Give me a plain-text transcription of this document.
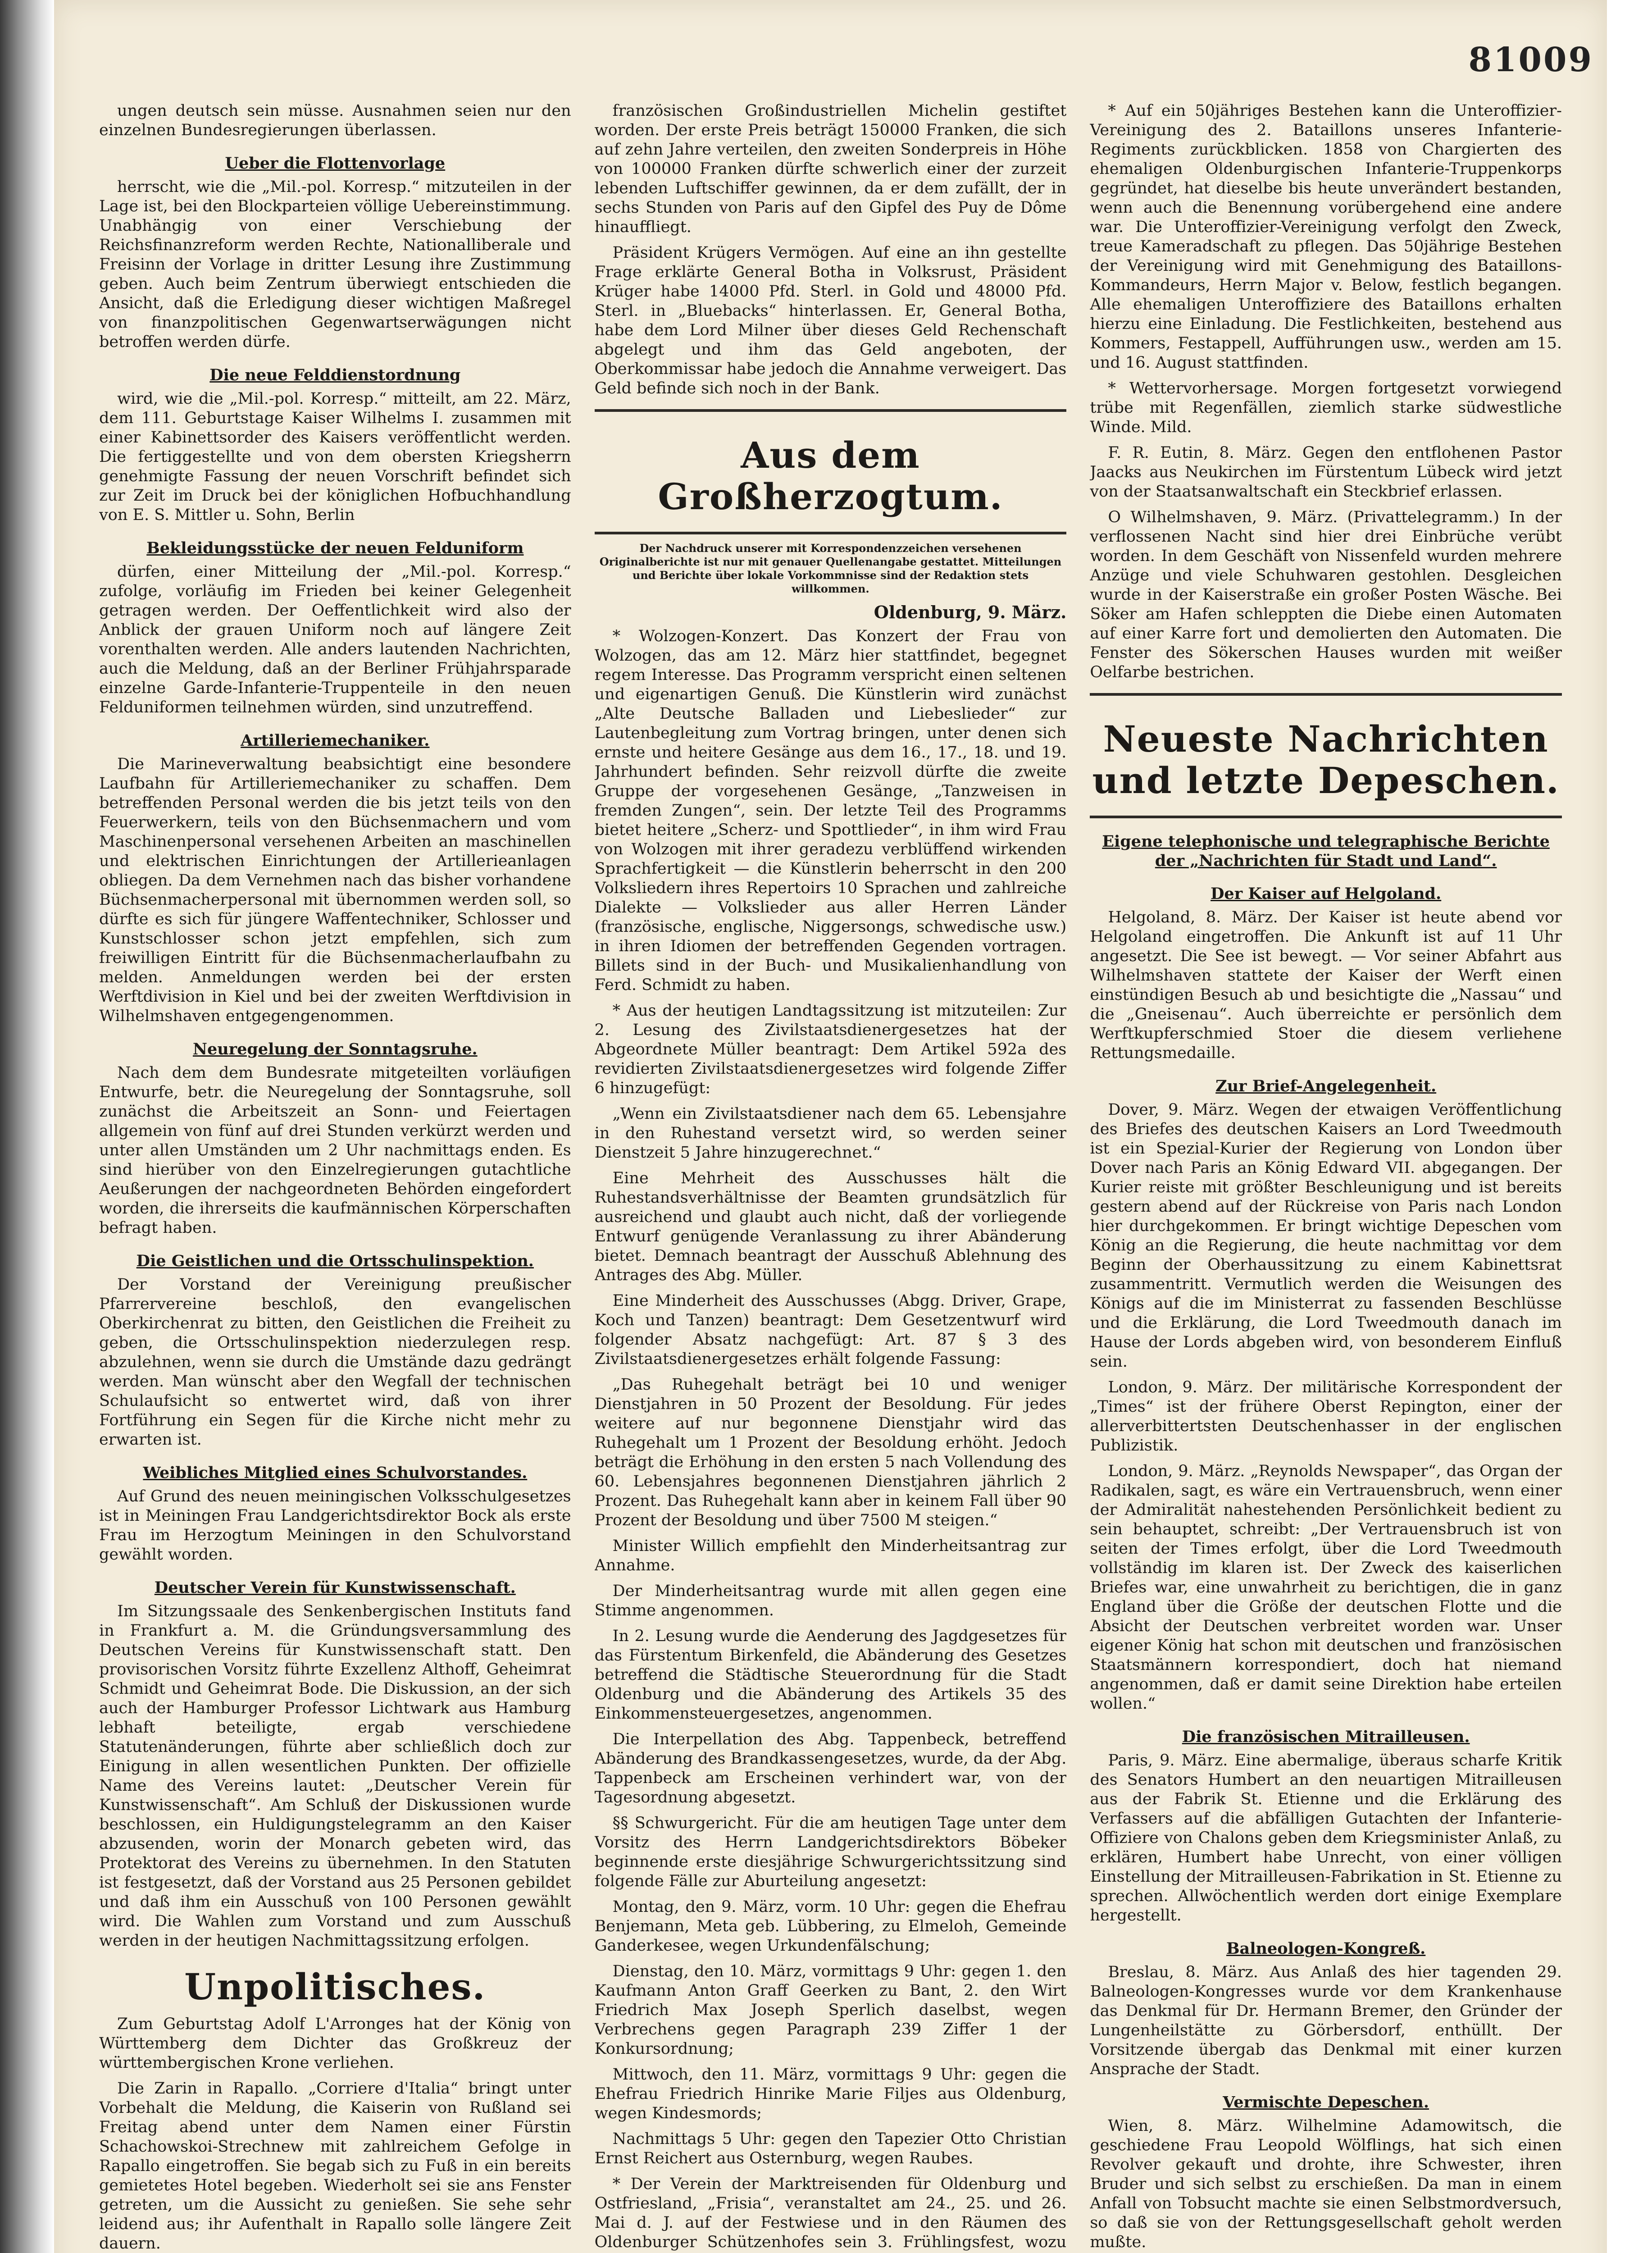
81009

ungen deutsch sein müsse. Ausnahmen seien nur den einzelnen Bundesregierungen überlassen.

Ueber die Flottenvorlage

herrscht, wie die „Mil.-pol. Korresp.“ mitzuteilen in der Lage ist, bei den Blockparteien völlige Uebereinstimmung. Unabhängig von einer Verschiebung der Reichsfinanzreform werden Rechte, Nationalliberale und Freisinn der Vorlage in dritter Lesung ihre Zustimmung geben. Auch beim Zentrum überwiegt entschieden die Ansicht, daß die Erledigung dieser wichtigen Maßregel von finanzpolitischen Gegenwartserwägungen nicht betroffen werden dürfe.

Die neue Felddienstordnung

wird, wie die „Mil.-pol. Korresp.“ mitteilt, am 22. März, dem 111. Geburtstage Kaiser Wilhelms I. zusammen mit einer Kabinettsorder des Kaisers veröffentlicht werden. Die fertiggestellte und von dem obersten Kriegsherrn genehmigte Fassung der neuen Vorschrift befindet sich zur Zeit im Druck bei der königlichen Hofbuchhandlung von E. S. Mittler u. Sohn, Berlin

Bekleidungsstücke der neuen Felduniform

dürfen, einer Mitteilung der „Mil.-pol. Korresp.“ zufolge, vorläufig im Frieden bei keiner Gelegenheit getragen werden. Der Oeffentlichkeit wird also der Anblick der grauen Uniform noch auf längere Zeit vorenthalten werden. Alle anders lautenden Nachrichten, auch die Meldung, daß an der Berliner Frühjahrsparade einzelne Garde-Infanterie-Truppenteile in den neuen Felduniformen teilnehmen würden, sind unzutreffend.

Artilleriemechaniker.

Die Marineverwaltung beabsichtigt eine besondere Laufbahn für Artilleriemechaniker zu schaffen. Dem betreffenden Personal werden die bis jetzt teils von den Feuerwerkern, teils von den Büchsenmachern und vom Maschinenpersonal versehenen Arbeiten an maschinellen und elektrischen Einrichtungen der Artillerieanlagen obliegen. Da dem Vernehmen nach das bisher vorhandene Büchsenmacherpersonal mit übernommen werden soll, so dürfte es sich für jüngere Waffentechniker, Schlosser und Kunstschlosser schon jetzt empfehlen, sich zum freiwilligen Eintritt für die Büchsenmacherlaufbahn zu melden. Anmeldungen werden bei der ersten Werftdivision in Kiel und bei der zweiten Werftdivision in Wilhelmshaven entgegengenommen.

Neuregelung der Sonntagsruhe.

Nach dem dem Bundesrate mitgeteilten vorläufigen Entwurfe, betr. die Neuregelung der Sonntagsruhe, soll zunächst die Arbeitszeit an Sonn- und Feiertagen allgemein von fünf auf drei Stunden verkürzt werden und unter allen Umständen um 2 Uhr nachmittags enden. Es sind hierüber von den Einzelregierungen gutachtliche Aeußerungen der nachgeordneten Behörden eingefordert worden, die ihrerseits die kaufmännischen Körperschaften befragt haben.

Die Geistlichen und die Ortsschulinspektion.

Der Vorstand der Vereinigung preußischer Pfarrervereine beschloß, den evangelischen Oberkirchenrat zu bitten, den Geistlichen die Freiheit zu geben, die Ortsschulinspektion niederzulegen resp. abzulehnen, wenn sie durch die Umstände dazu gedrängt werden. Man wünscht aber den Wegfall der technischen Schulaufsicht so entwertet wird, daß von ihrer Fortführung ein Segen für die Kirche nicht mehr zu erwarten ist.

Weibliches Mitglied eines Schulvorstandes.

Auf Grund des neuen meiningischen Volksschulgesetzes ist in Meiningen Frau Landgerichtsdirektor Bock als erste Frau im Herzogtum Meiningen in den Schulvorstand gewählt worden.

Deutscher Verein für Kunstwissenschaft.

Im Sitzungssaale des Senkenbergischen Instituts fand in Frankfurt a. M. die Gründungsversammlung des Deutschen Vereins für Kunstwissenschaft statt. Den provisorischen Vorsitz führte Exzellenz Althoff, Geheimrat Schmidt und Geheimrat Bode. Die Diskussion, an der sich auch der Hamburger Professor Lichtwark aus Hamburg lebhaft beteiligte, ergab verschiedene Statutenänderungen, führte aber schließlich doch zur Einigung in allen wesentlichen Punkten. Der offizielle Name des Vereins lautet: „Deutscher Verein für Kunstwissenschaft“. Am Schluß der Diskussionen wurde beschlossen, ein Huldigungstelegramm an den Kaiser abzusenden, worin der Monarch gebeten wird, das Protektorat des Vereins zu übernehmen. In den Statuten ist festgesetzt, daß der Vorstand aus 25 Personen gebildet und daß ihm ein Ausschuß von 100 Personen gewählt wird. Die Wahlen zum Vorstand und zum Ausschuß werden in der heutigen Nachmittagssitzung erfolgen.

Unpolitisches.

Zum Geburtstag Adolf L'Arronges hat der König von Württemberg dem Dichter das Großkreuz der württembergischen Krone verliehen.

Die Zarin in Rapallo. „Corriere d'Italia“ bringt unter Vorbehalt die Meldung, die Kaiserin von Rußland sei Freitag abend unter dem Namen einer Fürstin Schachowskoi-Strechnew mit zahlreichem Gefolge in Rapallo eingetroffen. Sie begab sich zu Fuß in ein bereits gemietetes Hotel begeben. Wiederholt sei sie ans Fenster getreten, um die Aussicht zu genießen. Sie sehe sehr leidend aus; ihr Aufenthalt in Rapallo solle längere Zeit dauern.

französischen Großindustriellen Michelin gestiftet worden. Der erste Preis beträgt 150000 Franken, die sich auf zehn Jahre verteilen, den zweiten Sonderpreis in Höhe von 100000 Franken dürfte schwerlich einer der zurzeit lebenden Luftschiffer gewinnen, da er dem zufällt, der in sechs Stunden von Paris auf den Gipfel des Puy de Dôme hinauffliegt.

Präsident Krügers Vermögen. Auf eine an ihn gestellte Frage erklärte General Botha in Volksrust, Präsident Krüger habe 14000 Pfd. Sterl. in Gold und 48000 Pfd. Sterl. in „Bluebacks“ hinterlassen. Er, General Botha, habe dem Lord Milner über dieses Geld Rechenschaft abgelegt und ihm das Geld angeboten, der Oberkommissar habe jedoch die Annahme verweigert. Das Geld befinde sich noch in der Bank.

Aus dem Großherzogtum.
Der Nachdruck unserer mit Korrespondenzzeichen versehenen Originalberichte ist nur mit genauer Quellenangabe gestattet. Mitteilungen und Berichte über lokale Vorkommnisse sind der Redaktion stets willkommen.
Oldenburg, 9. März.

* Wolzogen-Konzert. Das Konzert der Frau von Wolzogen, das am 12. März hier stattfindet, begegnet regem Interesse. Das Programm verspricht einen seltenen und eigenartigen Genuß. Die Künstlerin wird zunächst „Alte Deutsche Balladen und Liebeslieder“ zur Lautenbegleitung zum Vortrag bringen, unter denen sich ernste und heitere Gesänge aus dem 16., 17., 18. und 19. Jahrhundert befinden. Sehr reizvoll dürfte die zweite Gruppe der vorgesehenen Gesänge, „Tanzweisen in fremden Zungen“, sein. Der letzte Teil des Programms bietet heitere „Scherz- und Spottlieder“, in ihm wird Frau von Wolzogen mit ihrer geradezu verblüffend wirkenden Sprachfertigkeit — die Künstlerin beherrscht in den 200 Volksliedern ihres Repertoirs 10 Sprachen und zahlreiche Dialekte — Volkslieder aus aller Herren Länder (französische, englische, Niggersongs, schwedische usw.) in ihren Idiomen der betreffenden Gegenden vortragen. Billets sind in der Buch- und Musikalienhandlung von Ferd. Schmidt zu haben.

* Aus der heutigen Landtagssitzung ist mitzuteilen: Zur 2. Lesung des Zivilstaatsdienergesetzes hat der Abgeordnete Müller beantragt: Dem Artikel 592a des revidierten Zivilstaatsdienergesetzes wird folgende Ziffer 6 hinzugefügt:

„Wenn ein Zivilstaatsdiener nach dem 65. Lebensjahre in den Ruhestand versetzt wird, so werden seiner Dienstzeit 5 Jahre hinzugerechnet.“

Eine Mehrheit des Ausschusses hält die Ruhestandsverhältnisse der Beamten grundsätzlich für ausreichend und glaubt auch nicht, daß der vorliegende Entwurf genügende Veranlassung zu ihrer Abänderung bietet. Demnach beantragt der Ausschuß Ablehnung des Antrages des Abg. Müller.

Eine Minderheit des Ausschusses (Abgg. Driver, Grape, Koch und Tanzen) beantragt: Dem Gesetzentwurf wird folgender Absatz nachgefügt: Art. 87 § 3 des Zivilstaatsdienergesetzes erhält folgende Fassung:

„Das Ruhegehalt beträgt bei 10 und weniger Dienstjahren in 50 Prozent der Besoldung. Für jedes weitere auf nur begonnene Dienstjahr wird das Ruhegehalt um 1 Prozent der Besoldung erhöht. Jedoch beträgt die Erhöhung in den ersten 5 nach Vollendung des 60. Lebensjahres begonnenen Dienstjahren jährlich 2 Prozent. Das Ruhegehalt kann aber in keinem Fall über 90 Prozent der Besoldung und über 7500 M steigen.“

Minister Willich empfiehlt den Minderheitsantrag zur Annahme.

Der Minderheitsantrag wurde mit allen gegen eine Stimme angenommen.

In 2. Lesung wurde die Aenderung des Jagdgesetzes für das Fürstentum Birkenfeld, die Abänderung des Gesetzes betreffend die Städtische Steuerordnung für die Stadt Oldenburg und die Abänderung des Artikels 35 des Einkommensteuergesetzes, angenommen.

Die Interpellation des Abg. Tappenbeck, betreffend Abänderung des Brandkassengesetzes, wurde, da der Abg. Tappenbeck am Erscheinen verhindert war, von der Tagesordnung abgesetzt.

§§ Schwurgericht. Für die am heutigen Tage unter dem Vorsitz des Herrn Landgerichtsdirektors Böbeker beginnende erste diesjährige Schwurgerichtssitzung sind folgende Fälle zur Aburteilung angesetzt:

Montag, den 9. März, vorm. 10 Uhr: gegen die Ehefrau Benjemann, Meta geb. Lübbering, zu Elmeloh, Gemeinde Ganderkesee, wegen Urkundenfälschung;

Dienstag, den 10. März, vormittags 9 Uhr: gegen 1. den Kaufmann Anton Graff Geerken zu Bant, 2. den Wirt Friedrich Max Joseph Sperlich daselbst, wegen Verbrechens gegen Paragraph 239 Ziffer 1 der Konkursordnung;

Mittwoch, den 11. März, vormittags 9 Uhr: gegen die Ehefrau Friedrich Hinrike Marie Filjes aus Oldenburg, wegen Kindesmords;

Nachmittags 5 Uhr: gegen den Tapezier Otto Christian Ernst Reichert aus Osternburg, wegen Raubes.

* Der Verein der Marktreisenden für Oldenburg und Ostfriesland, „Frisia“, veranstaltet am 24., 25. und 26. Mai d. J. auf der Festwiese und in den Räumen des Oldenburger Schützenhofes sein 3. Frühlingsfest, wozu

* Auf ein 50jähriges Bestehen kann die Unteroffizier-Vereinigung des 2. Bataillons unseres Infanterie-Regiments zurückblicken. 1858 von Chargierten des ehemaligen Oldenburgischen Infanterie-Truppenkorps gegründet, hat dieselbe bis heute unverändert bestanden, wenn auch die Benennung vorübergehend eine andere war. Die Unteroffizier-Vereinigung verfolgt den Zweck, treue Kameradschaft zu pflegen. Das 50jährige Bestehen der Vereinigung wird mit Genehmigung des Bataillons-Kommandeurs, Herrn Major v. Below, festlich begangen. Alle ehemaligen Unteroffiziere des Bataillons erhalten hierzu eine Einladung. Die Festlichkeiten, bestehend aus Kommers, Festappell, Aufführungen usw., werden am 15. und 16. August stattfinden.

* Wettervorhersage. Morgen fortgesetzt vorwiegend trübe mit Regenfällen, ziemlich starke südwestliche Winde. Mild.

F. R. Eutin, 8. März. Gegen den entflohenen Pastor Jaacks aus Neukirchen im Fürstentum Lübeck wird jetzt von der Staatsanwaltschaft ein Steckbrief erlassen.

O Wilhelmshaven, 9. März. (Privattelegramm.) In der verflossenen Nacht sind hier drei Einbrüche verübt worden. In dem Geschäft von Nissenfeld wurden mehrere Anzüge und viele Schuhwaren gestohlen. Desgleichen wurde in der Kaiserstraße ein großer Posten Wäsche. Bei Söker am Hafen schleppten die Diebe einen Automaten auf einer Karre fort und demolierten den Automaten. Die Fenster des Sökerschen Hauses wurden mit weißer Oelfarbe bestrichen.

Neueste Nachrichten und letzte Depeschen.
Eigene telephonische und telegraphische Berichte der „Nachrichten für Stadt und Land“.
Der Kaiser auf Helgoland.

Helgoland, 8. März. Der Kaiser ist heute abend vor Helgoland eingetroffen. Die Ankunft ist auf 11 Uhr angesetzt. Die See ist bewegt. — Vor seiner Abfahrt aus Wilhelmshaven stattete der Kaiser der Werft einen einstündigen Besuch ab und besichtigte die „Nassau“ und die „Gneisenau“. Auch überreichte er persönlich dem Werftkupferschmied Stoer die diesem verliehene Rettungsmedaille.

Zur Brief-Angelegenheit.

Dover, 9. März. Wegen der etwaigen Veröffentlichung des Briefes des deutschen Kaisers an Lord Tweedmouth ist ein Spezial-Kurier der Regierung von London über Dover nach Paris an König Edward VII. abgegangen. Der Kurier reiste mit größter Beschleunigung und ist bereits gestern abend auf der Rückreise von Paris nach London hier durchgekommen. Er bringt wichtige Depeschen vom König an die Regierung, die heute nachmittag vor dem Beginn der Oberhaussitzung zu einem Kabinettsrat zusammentritt. Vermutlich werden die Weisungen des Königs auf die im Ministerrat zu fassenden Beschlüsse und die Erklärung, die Lord Tweedmouth danach im Hause der Lords abgeben wird, von besonderem Einfluß sein.

London, 9. März. Der militärische Korrespondent der „Times“ ist der frühere Oberst Repington, einer der allerverbittertsten Deutschenhasser in der englischen Publizistik.

London, 9. März. „Reynolds Newspaper“, das Organ der Radikalen, sagt, es wäre ein Vertrauensbruch, wenn einer der Admiralität nahestehenden Persönlichkeit bedient zu sein behauptet, schreibt: „Der Vertrauensbruch ist von seiten der Times erfolgt, über die Lord Tweedmouth vollständig im klaren ist. Der Zweck des kaiserlichen Briefes war, eine unwahrheit zu berichtigen, die in ganz England über die Größe der deutschen Flotte und die Absicht der Deutschen verbreitet worden war. Unser eigener König hat schon mit deutschen und französischen Staatsmännern korrespondiert, doch hat niemand angenommen, daß er damit seine Direktion habe erteilen wollen.“

Die französischen Mitrailleusen.

Paris, 9. März. Eine abermalige, überaus scharfe Kritik des Senators Humbert an den neuartigen Mitrailleusen aus der Fabrik St. Etienne und die Erklärung des Verfassers auf die abfälligen Gutachten der Infanterie-Offiziere von Chalons geben dem Kriegsminister Anlaß, zu erklären, Humbert habe Unrecht, von einer völligen Einstellung der Mitrailleusen-Fabrikation in St. Etienne zu sprechen. Allwöchentlich werden dort einige Exemplare hergestellt.

Balneologen-Kongreß.

Breslau, 8. März. Aus Anlaß des hier tagenden 29. Balneologen-Kongresses wurde vor dem Krankenhause das Denkmal für Dr. Hermann Bremer, den Gründer der Lungenheilstätte zu Görbersdorf, enthüllt. Der Vorsitzende übergab das Denkmal mit einer kurzen Ansprache der Stadt.

Vermischte Depeschen.

Wien, 8. März. Wilhelmine Adamowitsch, die geschiedene Frau Leopold Wölflings, hat sich einen Revolver gekauft und drohte, ihre Schwester, ihren Bruder und sich selbst zu erschießen. Da man in einem Anfall von Tobsucht machte sie einen Selbstmordversuch, so daß sie von der Rettungsgesellschaft geholt werden mußte.
